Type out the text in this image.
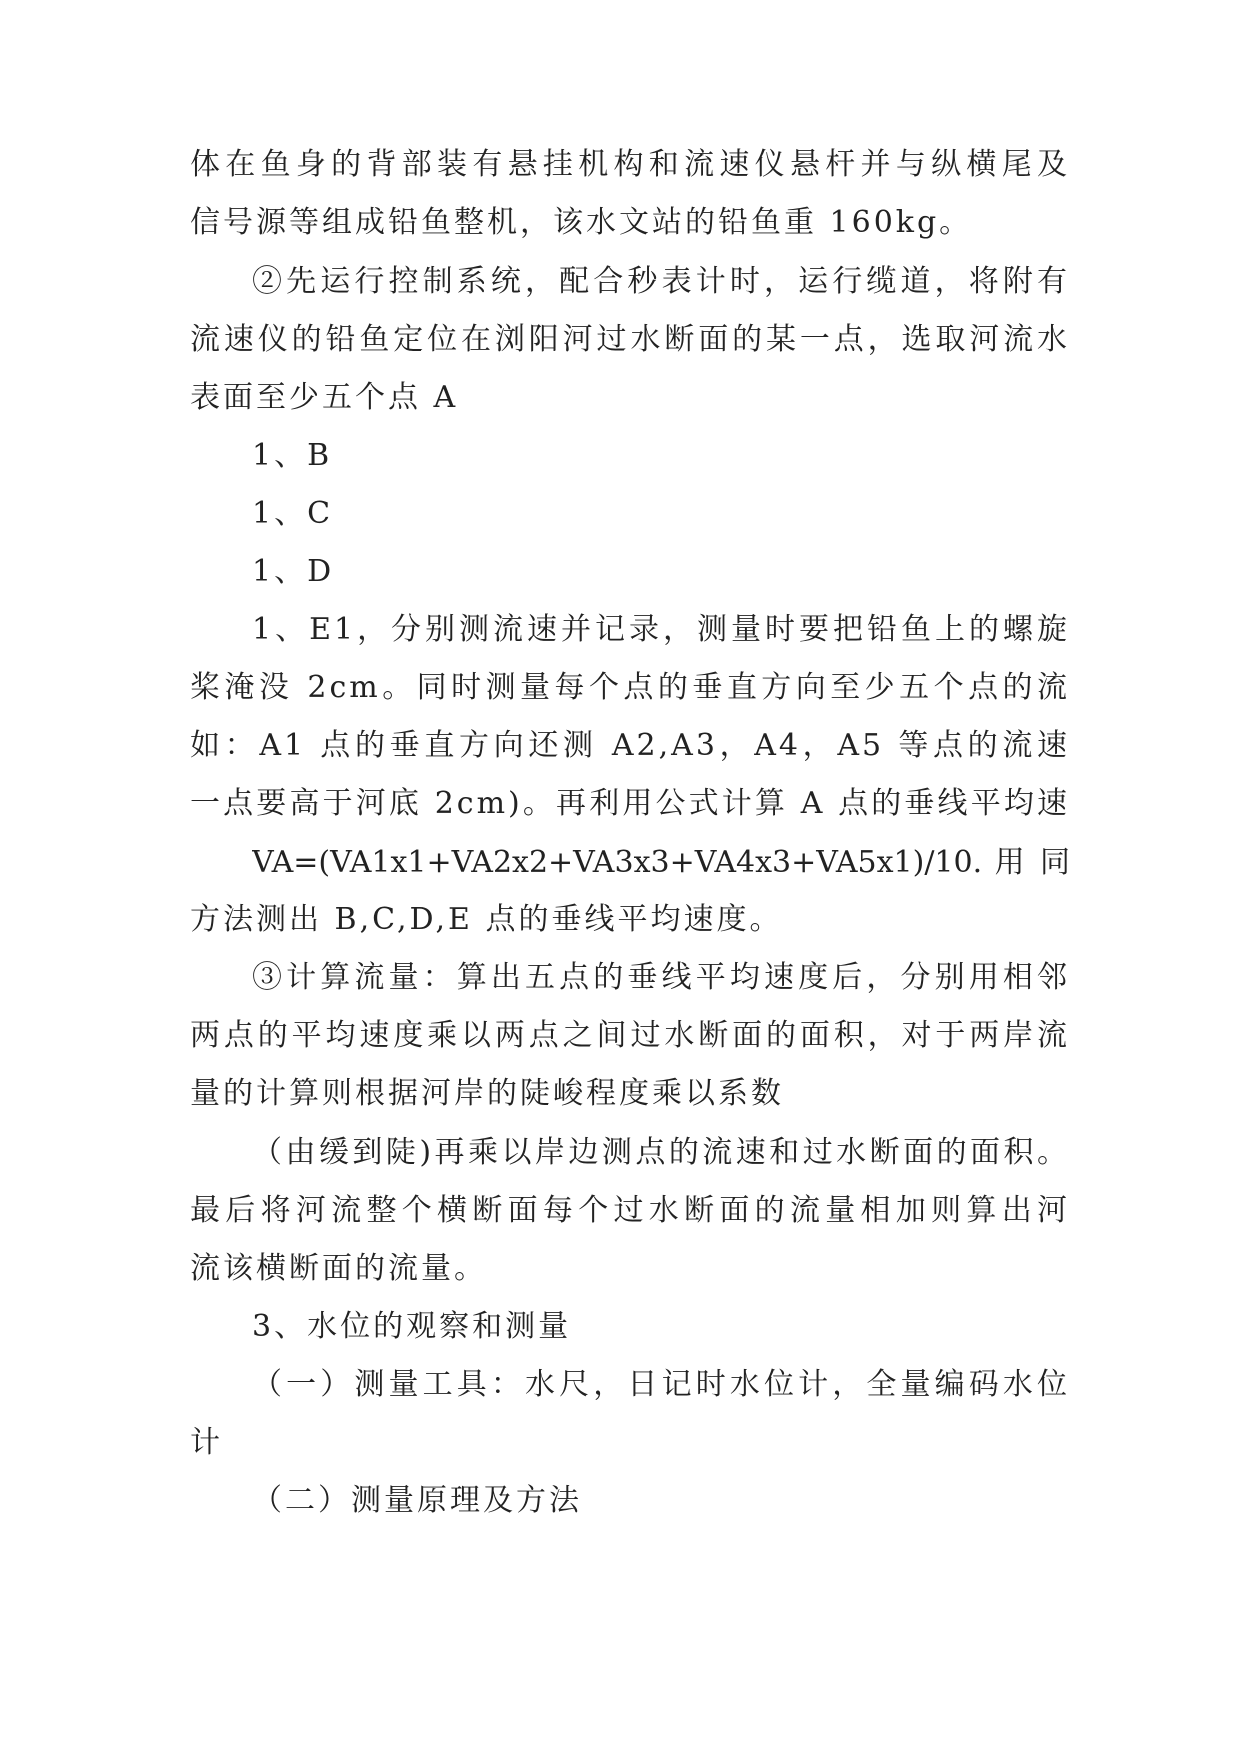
体在鱼身的背部装有悬挂机构和流速仪悬杆并与纵横尾及
信号源等组成铅鱼整机，该水文站的铅鱼重 160kg。
②先运行控制系统，配合秒表计时，运行缆道，将附有
流速仪的铅鱼定位在浏阳河过水断面的某一点，选取河流水
表面至少五个点 A
1、B
1、C
1、D
1、E1，分别测流速并记录，测量时要把铅鱼上的螺旋
桨淹没 2cm。同时测量每个点的垂直方向至少五个点的流
如：A1 点的垂直方向还测 A2,A3，A4，A5 等点的流速
一点要高于河底 2cm)。再利用公式计算 A 点的垂线平均速
VA=(VA1x1+VA2x2+VA3x3+VA4x3+VA5x1)/10. 用 同
方法测出 B,C,D,E 点的垂线平均速度。
③计算流量：算出五点的垂线平均速度后，分别用相邻
两点的平均速度乘以两点之间过水断面的面积，对于两岸流
量的计算则根据河岸的陡峻程度乘以系数
（由缓到陡)再乘以岸边测点的流速和过水断面的面积。
最后将河流整个横断面每个过水断面的流量相加则算出河
流该横断面的流量。
3、水位的观察和测量
（一）测量工具：水尺，日记时水位计，全量编码水位
计
（二）测量原理及方法
